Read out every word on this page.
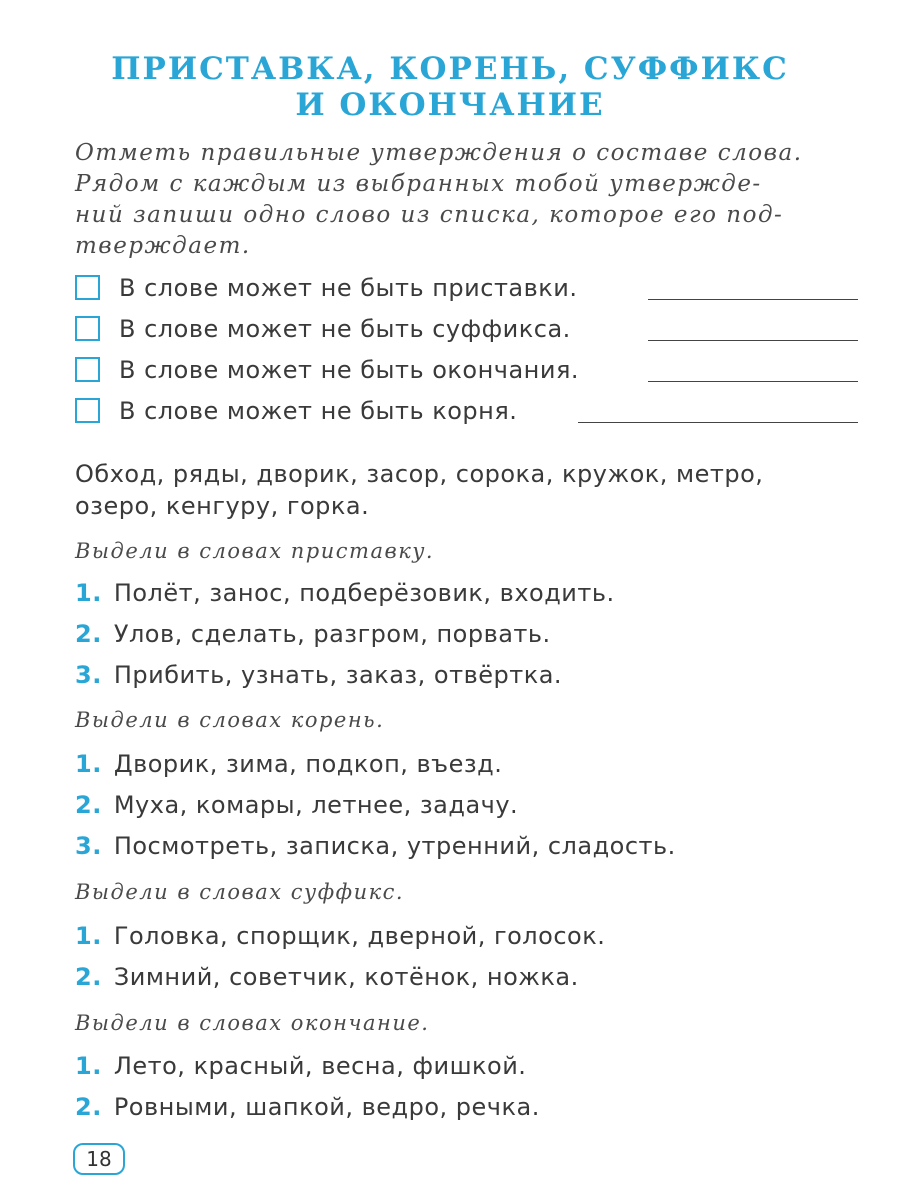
ПРИСТАВКА, КОРЕНЬ, СУФФИКС
И ОКОНЧАНИЕ
Отметь правильные утверждения о составе слова.
Рядом с каждым из выбранных тобой утвержде-
ний запиши одно слово из списка, которое его под-
тверждает.
В слове может не быть приставки.
В слове может не быть суффикса.
В слове может не быть окончания.
В слове может не быть корня.
Обход, ряды, дворик, засор, сорока, кружок, метро,
озеро, кенгуру, горка.
Выдели в словах приставку.
1. Полёт, занос, подберёзовик, входить.
2. Улов, сделать, разгром, порвать.
3. Прибить, узнать, заказ, отвёртка.
Выдели в словах корень.
1. Дворик, зима, подкоп, въезд.
2. Муха, комары, летнее, задачу.
3. Посмотреть, записка, утренний, сладость.
Выдели в словах суффикс.
1. Головка, спорщик, дверной, голосок.
2. Зимний, советчик, котёнок, ножка.
Выдели в словах окончание.
1. Лето, красный, весна, фишкой.
2. Ровными, шапкой, ведро, речка.
18
